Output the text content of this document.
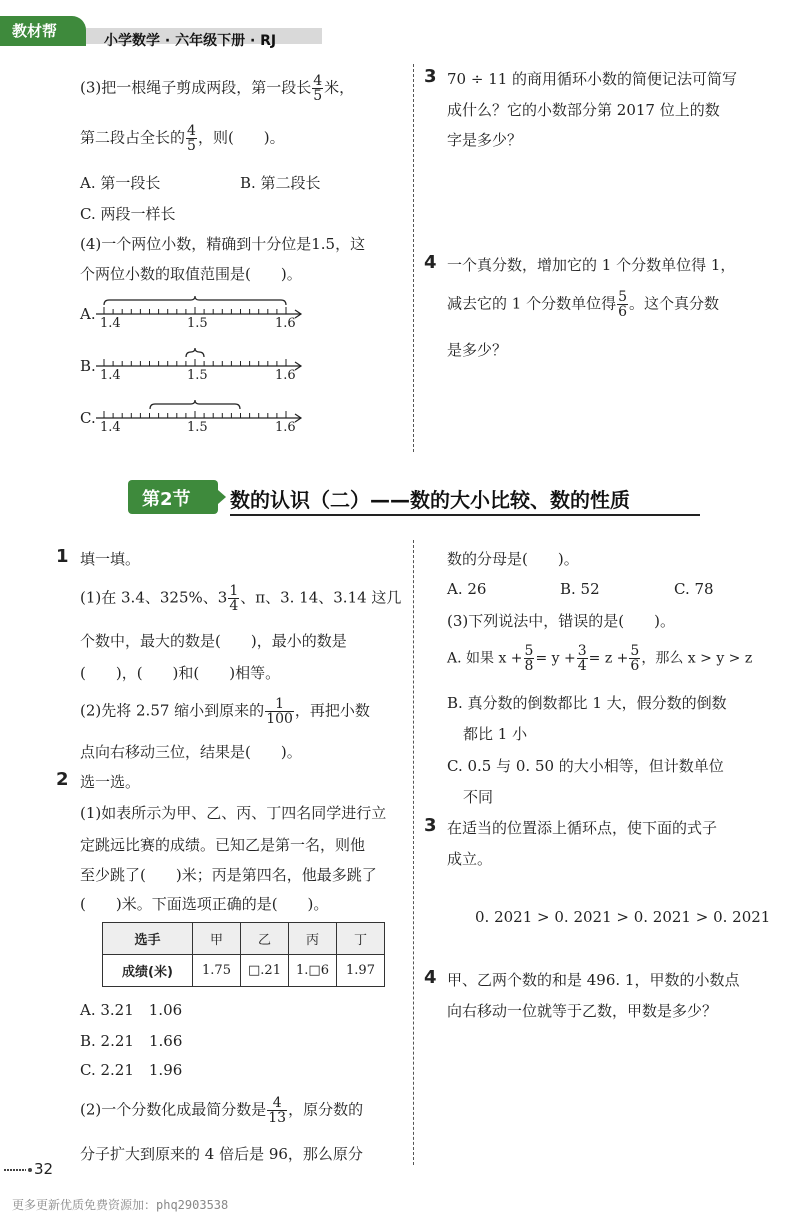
教材帮
小学数学 · 六年级下册 · RJ
(3)把一根绳子剪成两段，第一段长 $\frac{4}{5}$ 米，
第二段占全长的 $\frac{4}{5}$ ，则(　　)。
A. 第一段长	B. 第二段长
C. 两段一样长
(4)一个两位小数，精确到十分位是1.5，这
个两位小数的取值范围是(　　)。
A.
B.
C.
1.4	1.5	1.6
1.4	1.5	1.6
1.4	1.5	1.6
3 70 ÷ 11 的商用循环小数的简便记法可简写
成什么？它的小数部分第 2017 位上的数
字是多少？
4 一个真分数，增加它的 1 个分数单位得 1，
减去它的 1 个分数单位得 $\frac{5}{6}$ 。这个真分数
是多少？
第2节 数的认识（二）——数的大小比较、数的性质
1 填一填。
(1)在 3.4、325%、$3 \frac{1}{4}$ 、π、3. 14、3.14 这几
个数中，最大的数是(　　)，最小的数是
(　　)，(　　)和(　　)相等。
(2)先将 2.57 缩小到原来的 $\frac{1}{100}$ ，再把小数
点向右移动三位，结果是(　　)。
2 选一选。
(1)如表所示为甲、乙、丙、丁四名同学进行立
定跳远比赛的成绩。已知乙是第一名，则他
至少跳了(　　)米；丙是第四名，他最多跳了
(　　)米。下面选项正确的是(　　)。
选手	甲	乙	丙	丁
成绩(米)	1.75	□.21	1.□6	1.97
A. 3.21　1.06
B. 2.21　1.66
C. 2.21　1.96
(2)一个分数化成最简分数是 $\frac{4}{13}$ ，原分数的
分子扩大到原来的 4 倍后是 96，那么原分
数的分母是(　　)。
A. 26	B. 52	C. 78
(3)下列说法中，错误的是(　　)。
A. 如果 $x + \frac{5}{8} = y + \frac{3}{4} = z + \frac{5}{6}$ ，那么 x > y > z
B. 真分数的倒数都比 1 大，假分数的倒数
都比 1 小
C. 0.5 与 0. 50 的大小相等，但计数单位
不同
3 在适当的位置添上循环点，使下面的式子
成立。
0. 2021 > 0. 2021 > 0. 2021 > 0. 2021
4 甲、乙两个数的和是 496. 1，甲数的小数点
向右移动一位就等于乙数，甲数是多少？
32
更多更新优质免费资源加：phq2903538
